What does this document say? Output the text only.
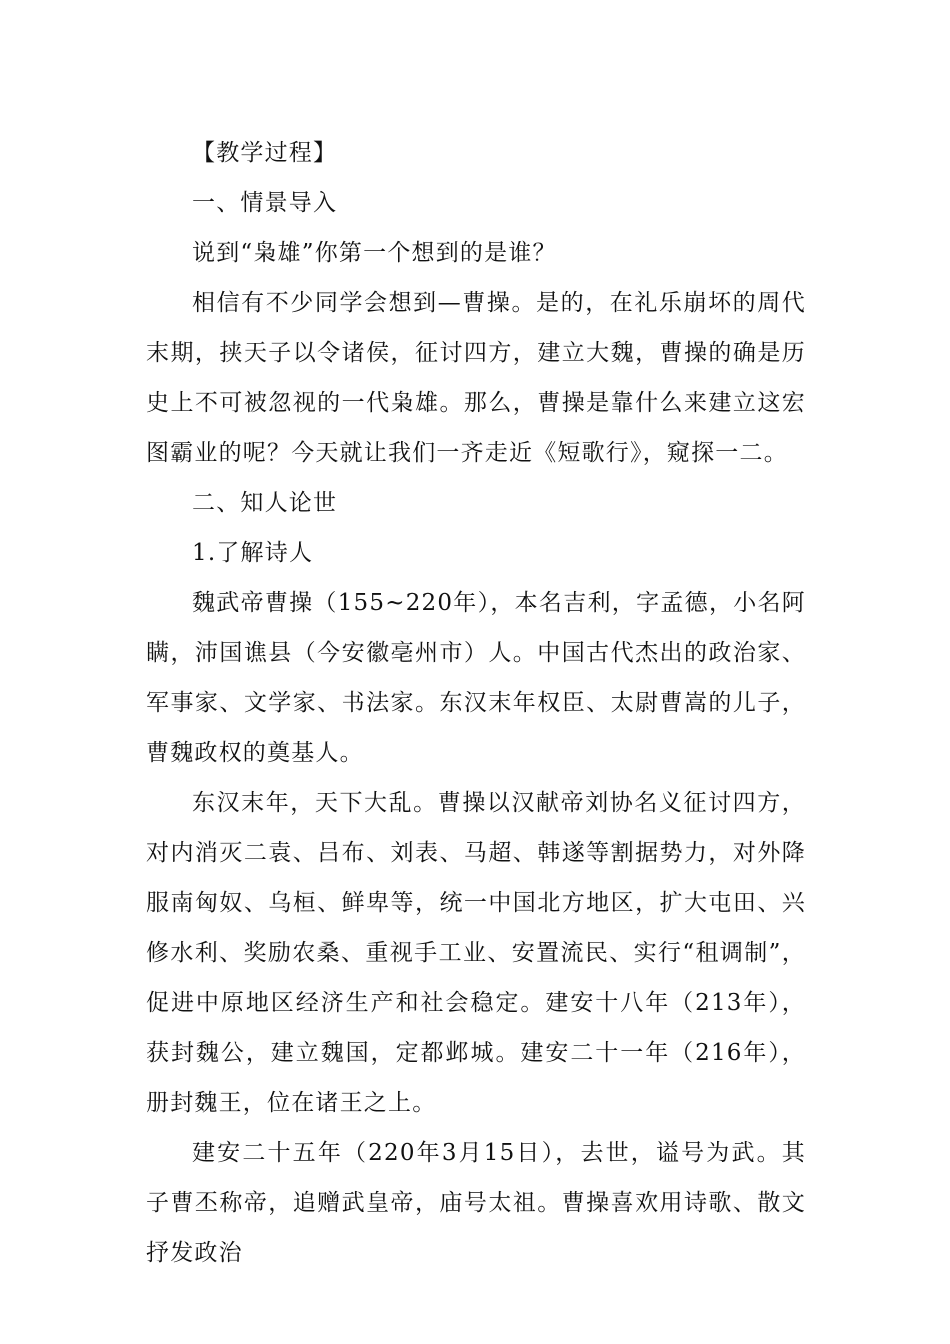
【教学过程】

一、情景导入

说到“枭雄”你第一个想到的是谁？

相信有不少同学会想到—曹操。是的，在礼乐崩坏的周代末期，挟天子以令诸侯，征讨四方，建立大魏，曹操的确是历史上不可被忽视的一代枭雄。那么，曹操是靠什么来建立这宏图霸业的呢？今天就让我们一齐走近《短歌行》，窥探一二。

二、知人论世

1.了解诗人

魏武帝曹操（155~220年），本名吉利，字孟德，小名阿瞒，沛国谯县（今安徽亳州市）人。中国古代杰出的政治家、军事家、文学家、书法家。东汉末年权臣、太尉曹嵩的儿子，曹魏政权的奠基人。

东汉末年，天下大乱。曹操以汉献帝刘协名义征讨四方，对内消灭二袁、吕布、刘表、马超、韩遂等割据势力，对外降服南匈奴、乌桓、鲜卑等，统一中国北方地区，扩大屯田、兴修水利、奖励农桑、重视手工业、安置流民、实行“租调制”，促进中原地区经济生产和社会稳定。建安十八年（213年），获封魏公，建立魏国，定都邺城。建安二十一年（216年），册封魏王，位在诸王之上。

建安二十五年（220年3月15日），去世，谥号为武。其子曹丕称帝，追赠武皇帝，庙号太祖。曹操喜欢用诗歌、散文抒发政治
